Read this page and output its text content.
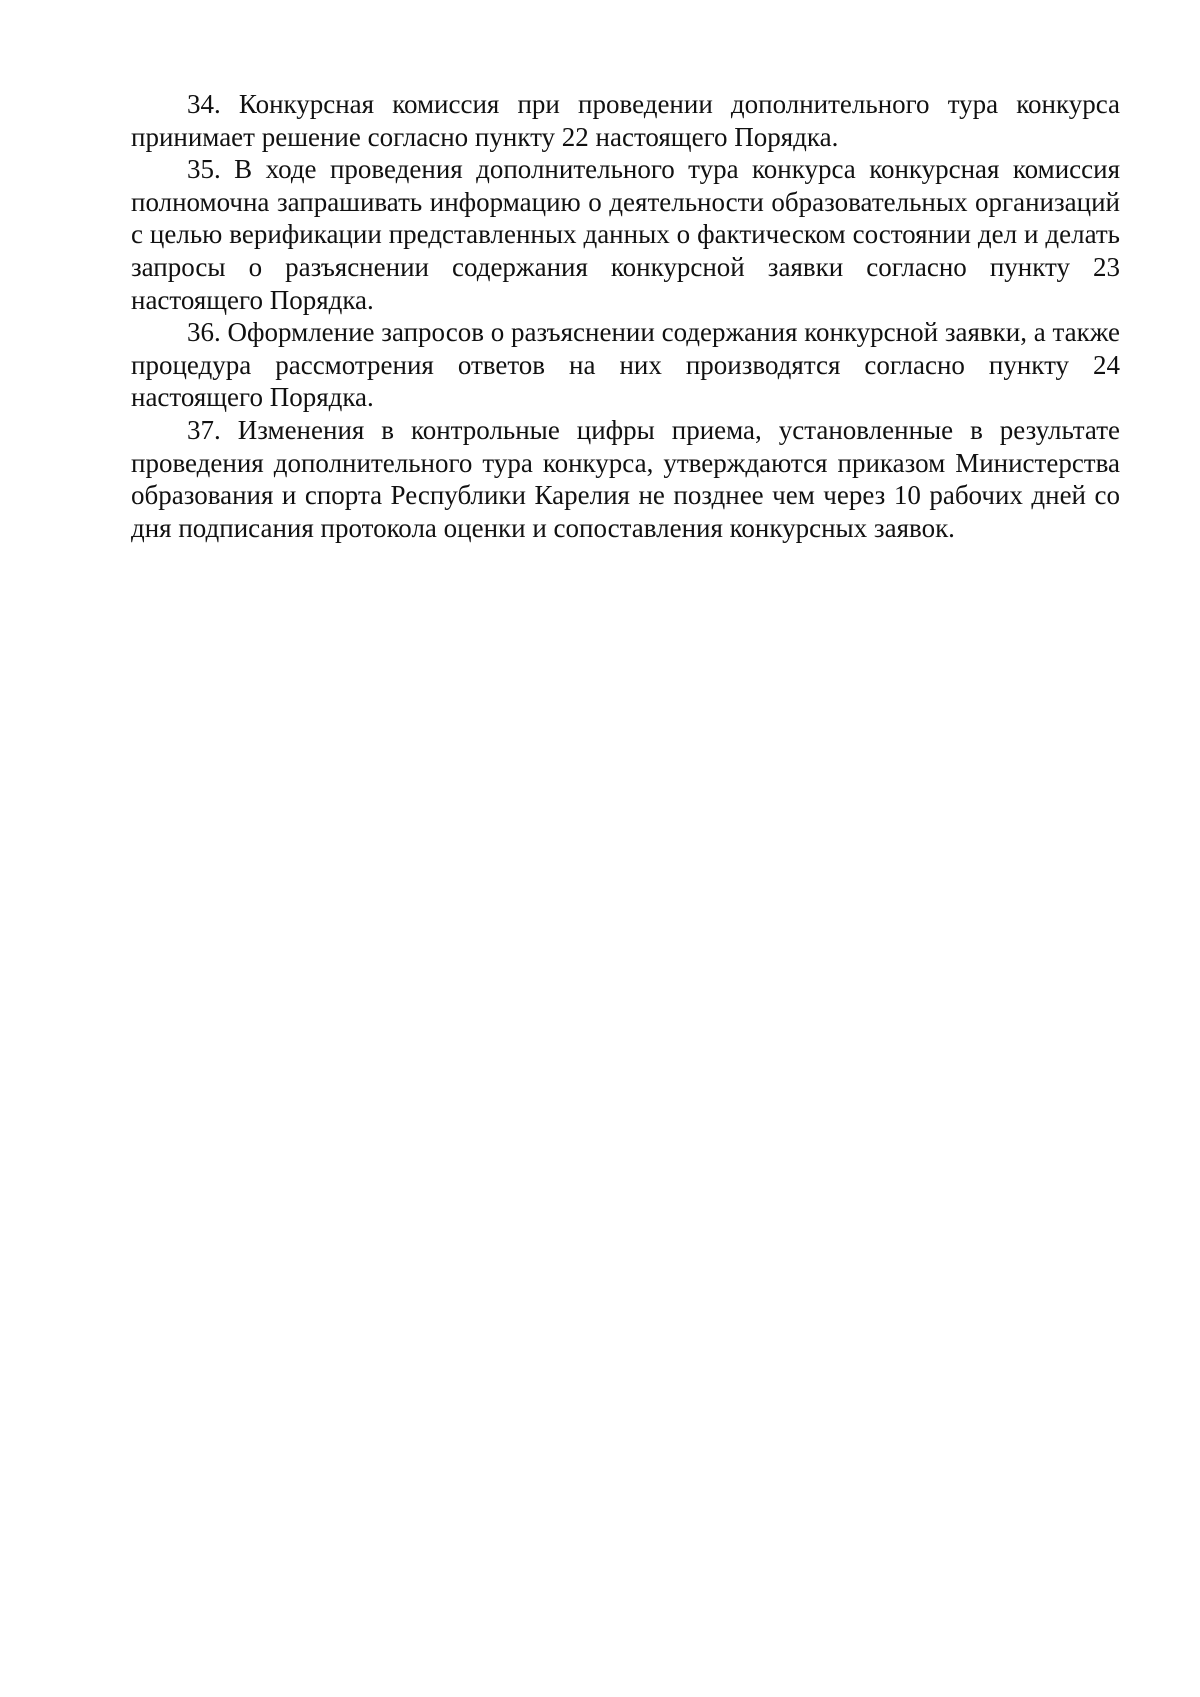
34. Конкурсная комиссия при проведении дополнительного тура конкурса принимает решение согласно пункту 22 настоящего Порядка.

35. В ходе проведения дополнительного тура конкурса конкурсная комиссия полномочна запрашивать информацию о деятельности образовательных организаций с целью верификации представленных данных о фактическом состоянии дел и делать запросы о разъяснении содержания конкурсной заявки согласно пункту 23 настоящего Порядка.

36. Оформление запросов о разъяснении содержания конкурсной заявки, а также процедура рассмотрения ответов на них производятся согласно пункту 24 настоящего Порядка.

37. Изменения в контрольные цифры приема, установленные в результате проведения дополнительного тура конкурса, утверждаются приказом Министерства образования и спорта Республики Карелия не позднее чем через 10 рабочих дней со дня подписания протокола оценки и сопоставления конкурсных заявок.
